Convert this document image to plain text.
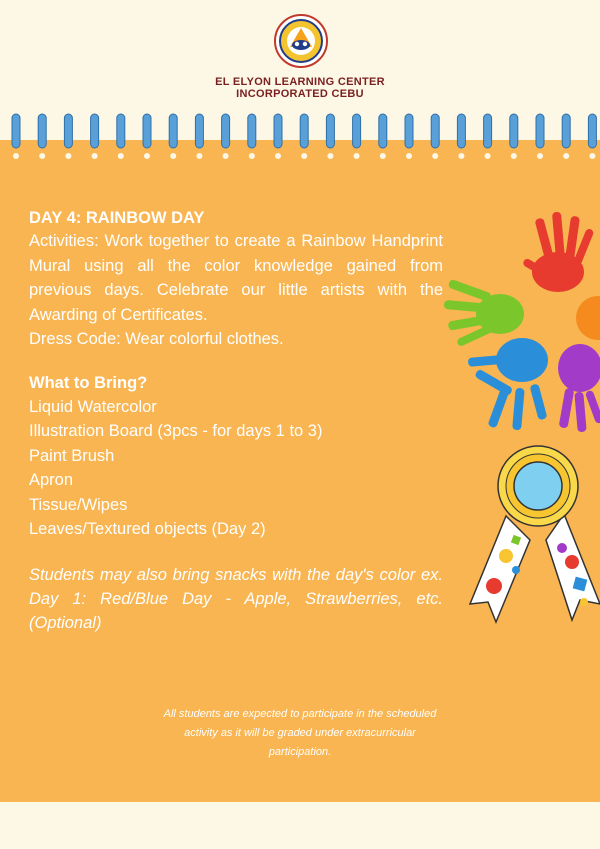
EL ELYON LEARNING CENTER
INCORPORATED CEBU

DAY 4: RAINBOW DAY

Activities: Work together to create a Rainbow Handprint Mural using all the color knowledge gained from previous days. Celebrate our little artists with the Awarding of Certificates.

Dress Code: Wear colorful clothes.

What to Bring?

Liquid Watercolor
Illustration Board (3pcs - for days 1 to 3)
Paint Brush
Apron
Tissue/Wipes
Leaves/Textured objects (Day 2)

Students may also bring snacks with the day's color ex. Day 1: Red/Blue Day - Apple, Strawberries, etc. (Optional)

All students are expected to participate in the scheduled activity as it will be graded under extracurricular participation.
